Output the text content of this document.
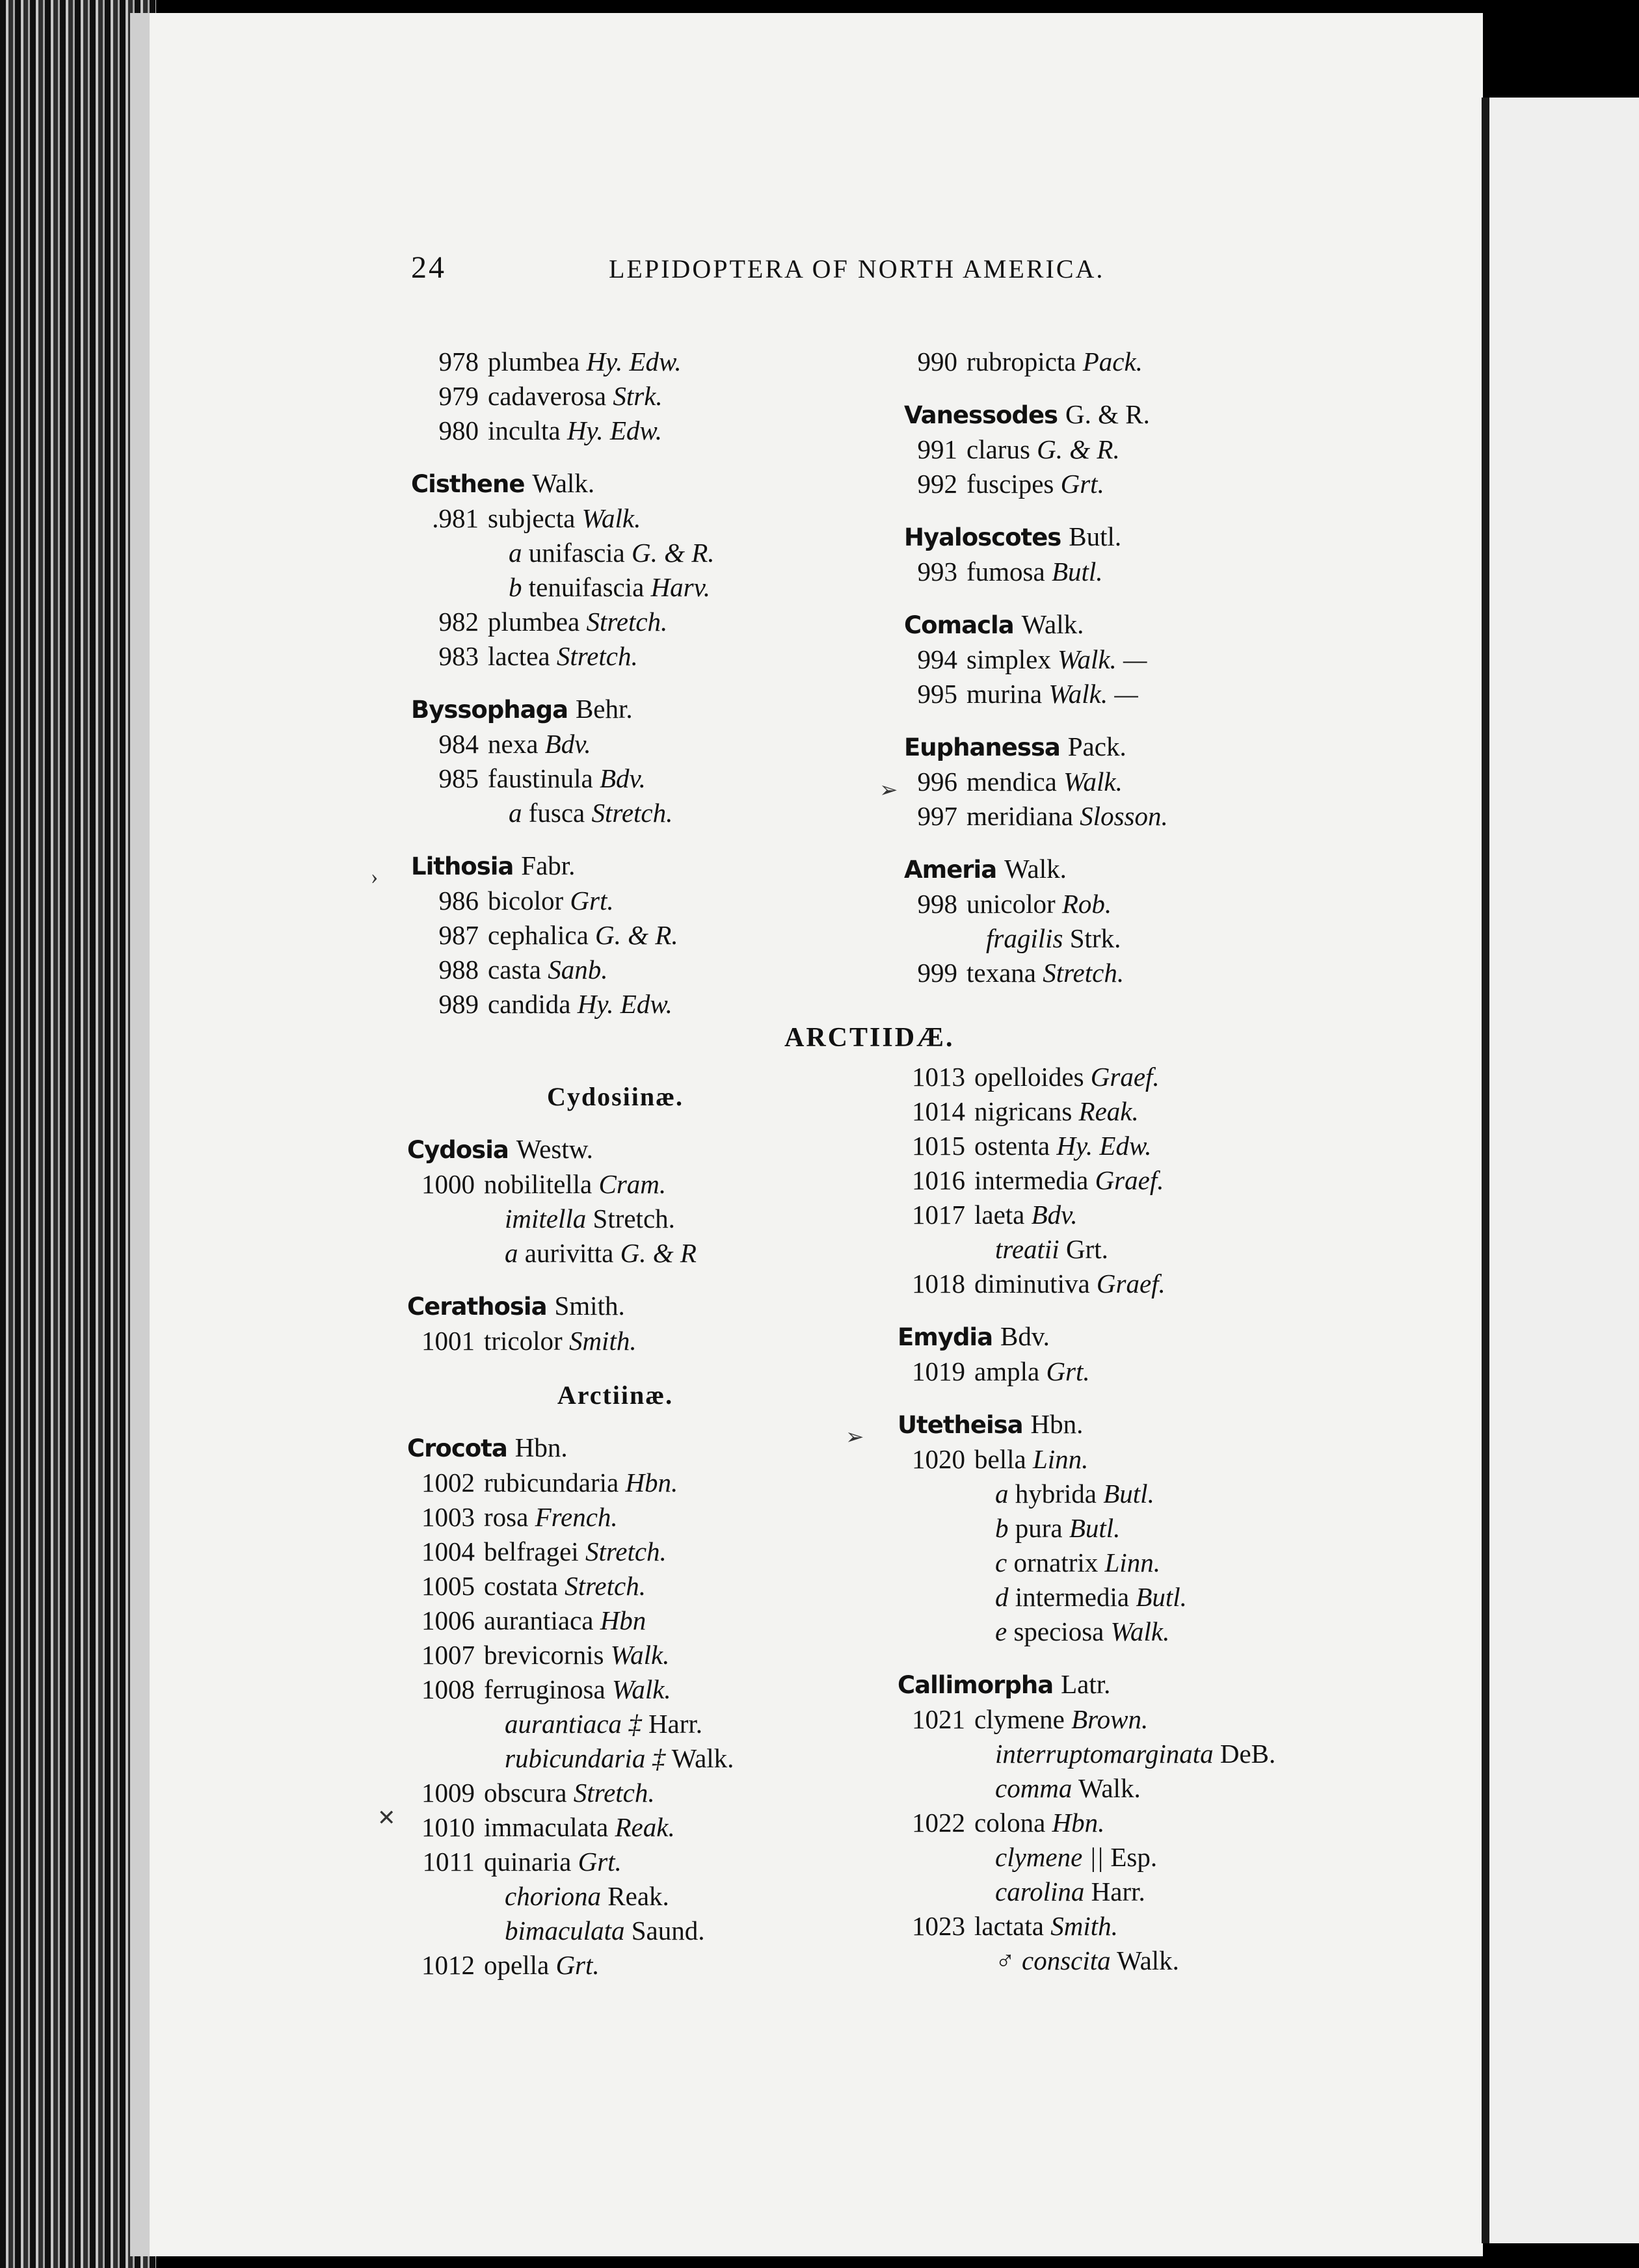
24	LEPIDOPTERA OF NORTH AMERICA.
978 plumbea Hy. Edw.
979 cadaverosa Strk.
980 inculta Hy. Edw.
Cisthene Walk.
.981 subjecta Walk.
a unifascia G. & R.
b tenuifascia Harv.
982 plumbea Stretch.
983 lactea Stretch.
Byssophaga Behr.
984 nexa Bdv.
985 faustinula Bdv.
a fusca Stretch.
Lithosia Fabr.
986 bicolor Grt.
987 cephalica G. & R.
988 casta Sanb.
989 candida Hy. Edw.
990 rubropicta Pack.
Vanessodes G. & R.
991 clarus G. & R.
992 fuscipes Grt.
Hyaloscotes Butl.
993 fumosa Butl.
Comacla Walk.
994 simplex Walk. —
995 murina Walk. —
Euphanessa Pack.
996 mendica Walk.
997 meridiana Slosson.
Ameria Walk.
998 unicolor Rob.
fragilis Strk.
999 texana Stretch.
ARCTIIDÆ.
Cydosiinæ.
Cydosia Westw.
1000 nobilitella Cram.
imitella Stretch.
a aurivitta G. & R
Cerathosia Smith.
1001 tricolor Smith.
Arctiinæ.
Crocota Hbn.
1002 rubicundaria Hbn.
1003 rosa French.
1004 belfragei Stretch.
1005 costata Stretch.
1006 aurantiaca Hbn
1007 brevicornis Walk.
1008 ferruginosa Walk.
aurantiaca ‡ Harr.
rubicundaria ‡ Walk.
1009 obscura Stretch.
1010 immaculata Reak.
1011 quinaria Grt.
choriona Reak.
bimaculata Saund.
1012 opella Grt.
1013 opelloides Graef.
1014 nigricans Reak.
1015 ostenta Hy. Edw.
1016 intermedia Graef.
1017 laeta Bdv.
treatii Grt.
1018 diminutiva Graef.
Emydia Bdv.
1019 ampla Grt.
Utetheisa Hbn.
1020 bella Linn.
a hybrida Butl.
b pura Butl.
c ornatrix Linn.
d intermedia Butl.
e speciosa Walk.
Callimorpha Latr.
1021 clymene Brown.
interruptomarginata DeB.
comma Walk.
1022 colona Hbn.
clymene || Esp.
carolina Harr.
1023 lactata Smith.
♂ conscita Walk.
›
➢
➢
✕
